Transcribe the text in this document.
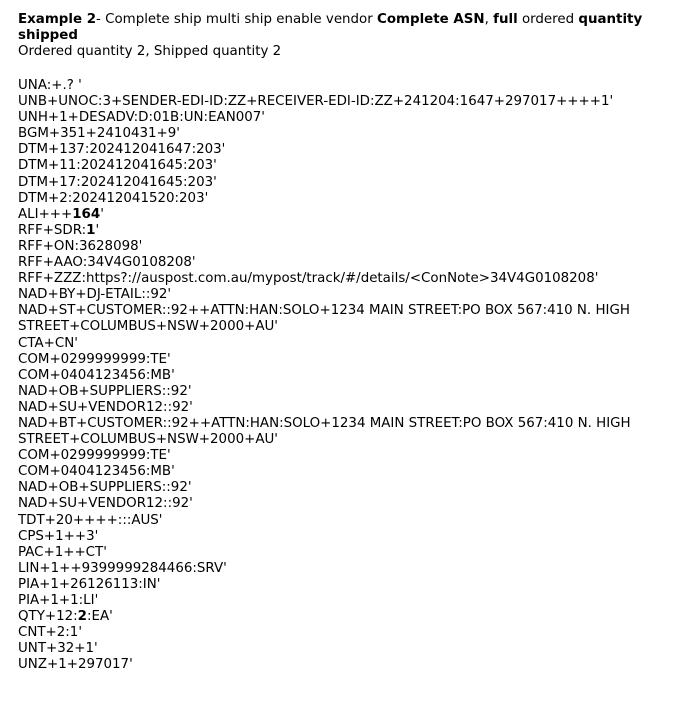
Example 2- Complete ship multi ship enable vendor Complete ASN, full ordered quantity shipped

Ordered quantity 2, Shipped quantity 2

UNA:+.? '
UNB+UNOC:3+SENDER-EDI-ID:ZZ+RECEIVER-EDI-ID:ZZ+241204:1647+297017++++1'
UNH+1+DESADV:D:01B:UN:EAN007'
BGM+351+2410431+9'
DTM+137:202412041647:203'
DTM+11:202412041645:203'
DTM+17:202412041645:203'
DTM+2:202412041520:203'
ALI+++164'
RFF+SDR:1'
RFF+ON:3628098'
RFF+AAO:34V4G0108208'
RFF+ZZZ:https?://auspost.com.au/mypost/track/#/details/<ConNote>34V4G0108208'
NAD+BY+DJ-ETAIL::92'
NAD+ST+CUSTOMER::92++ATTN:HAN:SOLO+1234 MAIN STREET:PO BOX 567:410 N. HIGH
STREET+COLUMBUS+NSW+2000+AU'
CTA+CN'
COM+0299999999:TE'
COM+0404123456:MB'
NAD+OB+SUPPLIERS::92'
NAD+SU+VENDOR12::92'
NAD+BT+CUSTOMER::92++ATTN:HAN:SOLO+1234 MAIN STREET:PO BOX 567:410 N. HIGH
STREET+COLUMBUS+NSW+2000+AU'
COM+0299999999:TE'
COM+0404123456:MB'
NAD+OB+SUPPLIERS::92'
NAD+SU+VENDOR12::92'
TDT+20++++:::AUS'
CPS+1++3'
PAC+1++CT'
LIN+1++9399999284466:SRV'
PIA+1+26126113:IN'
PIA+1+1:LI'
QTY+12:2:EA'
CNT+2:1'
UNT+32+1'
UNZ+1+297017'
